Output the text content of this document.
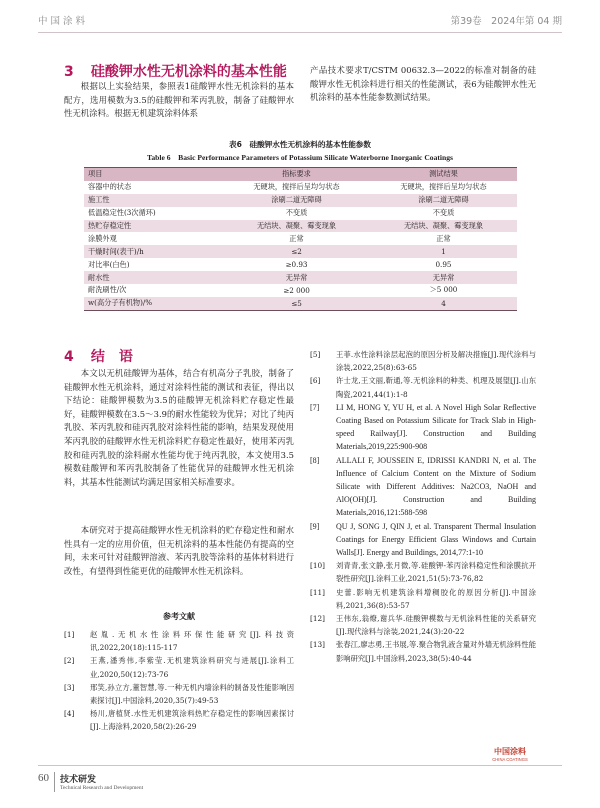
中 国 涂 料	第39卷　2024年第 04 期
3 硅酸钾水性无机涂料的基本性能
根据以上实验结果，参照表1硅酸钾水性无机涂料的基本配方，选用模数为3.5的硅酸钾和苯丙乳胶，制备了硅酸钾水性无机涂料。根据无机建筑涂料体系
产品技术要求T/CSTM 00632.3—2022的标准对制备的硅酸钾水性无机涂料进行相关的性能测试，表6为硅酸钾水性无机涂料的基本性能参数测试结果。
表6　硅酸钾水性无机涂料的基本性能参数
Table 6　Basic Performance Parameters of Potassium Silicate Waterborne Inorganic Coatings
项目	指标要求	测试结果
容器中的状态	无硬块，搅拌后呈均匀状态	无硬块，搅拌后呈均匀状态
施工性	涂刷二道无障碍	涂刷二道无障碍
低温稳定性(3次循环)	不变质	不变质
热贮存稳定性	无结块、凝聚、霉变现象	无结块、凝聚、霉变现象
涂膜外观	正常	正常
干燥时间(表干)/h	≤2	1
对比率(白色)	≥0.93	0.95
耐水性	无异常	无异常
耐洗刷性/次	≥2 000	＞5 000
w(高分子有机物)/%	≤5	4
4 结　语
本文以无机硅酸钾为基体，结合有机高分子乳胶，制备了硅酸钾水性无机涂料，通过对涂料性能的测试和表征，得出以下结论：硅酸钾模数为3.5的硅酸钾无机涂料贮存稳定性最好，硅酸钾模数在3.5～3.9的耐水性能较为优异；对比了纯丙乳胶、苯丙乳胶和硅丙乳胶对涂料性能的影响，结果发现使用苯丙乳胶的硅酸钾水性无机涂料贮存稳定性最好，使用苯丙乳胶和硅丙乳胶的涂料耐水性能均优于纯丙乳胶，本文使用3.5模数硅酸钾和苯丙乳胶制备了性能优异的硅酸钾水性无机涂料，其基本性能测试均满足国家相关标准要求。
本研究对于提高硅酸钾水性无机涂料的贮存稳定性和耐水性具有一定的应用价值，但无机涂料的基本性能仍有提高的空间，未来可针对硅酸钾溶液、苯丙乳胶等涂料的基体材料进行改性，有望得到性能更优的硅酸钾水性无机涂料。
参考文献
[1]	赵胤.无机水性涂料环保性能研究[J].科技资讯,2022,20(18):115-117
[2]	王燕,潘秀伟,李紫莹.无机建筑涂料研究与进展[J].涂料工业,2020,50(12):73-76
[3]	邢笑,孙立方,董智慧,等.一种无机内墙涂料的制备及性能影响因素探讨[J].中国涂料,2020,35(7):49-53
[4]	杨川,唐植贤.水性无机建筑涂料热贮存稳定性的影响因素探讨[J].上海涂料,2020,58(2):26-29
[5]	王菲.水性涂料涂层起泡的原因分析及解决措施[J].现代涂料与涂装,2022,25(8):63-65
[6]	许士龙,王文丽,靳通,等.无机涂料的种类、机理及展望[J].山东陶瓷,2021,44(1):1-8
[7]	LI M, HONG Y, YU H, et al. A Novel High Solar Reflective Coating Based on Potassium Silicate for Track Slab in High-speed Railway[J]. Construction and Building Materials,2019,225:900-908
[8]	ALLALI F, JOUSSEIN E, IDRISSI KANDRI N, et al. The Influence of Calcium Content on the Mixture of Sodium Silicate with Different Additives: Na2CO3, NaOH and AlO(OH)[J]. Construction and Building Materials,2016,121:588-598
[9]	QU J, SONG J, QIN J, et al. Transparent Thermal Insulation Coatings for Energy Efficient Glass Windows and Curtain Walls[J]. Energy and Buildings, 2014,77:1-10
[10]	刘青青,张文静,张月微,等.硅酸钾-苯丙涂料稳定性和涂膜抗开裂性研究[J].涂料工业,2021,51(5):73-76,82
[11]	史蕾.影响无机建筑涂料增稠胶化的原因分析[J].中国涂料,2021,36(8):53-57
[12]	王伟东,翁燎,谢兵华.硅酸钾模数与无机涂料性能的关系研究[J].现代涂料与涂装,2021,24(3):20-22
[13]	张春江,廖志勇,王书展,等.聚合物乳液含量对外墙无机涂料性能影响研究[J].中国涂料,2023,38(5):40-44
中国涂料
CHINA COATINGS
60 技术研发
Technical Research and Development
